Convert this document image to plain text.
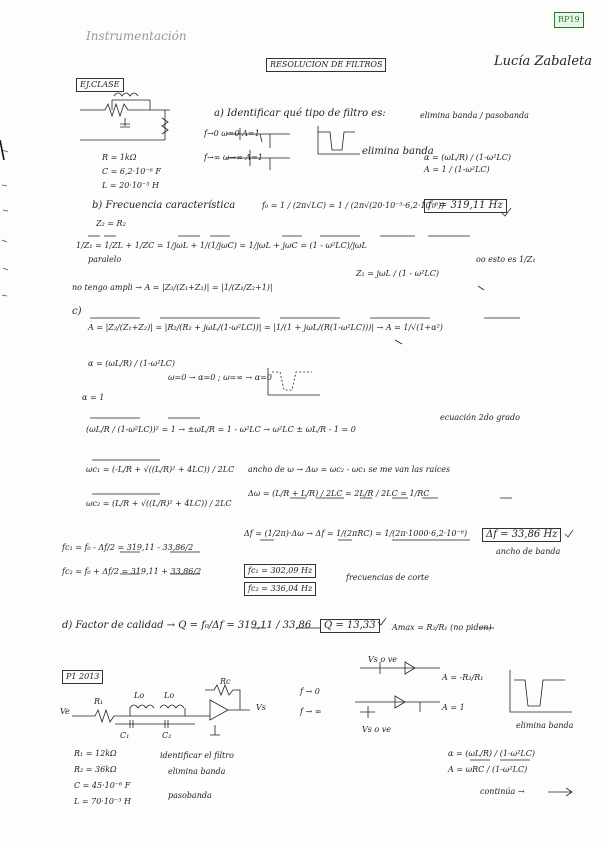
Instrumentación
RP19
RESOLUCION DE FILTROS	Lucía Zabaleta
EJ.CLASE
a) Identificar qué tipo de filtro es:	elimina banda / pasobanda
f→0 ω=0 A=1
f→∞ ω→∞ A=1
elimina banda
α = (ωL/R) / (1-ω²LC)
A = 1 / (1-ω²LC)
R = 1kΩ
C = 6,2·10⁻⁶ F
L = 20·10⁻³ H
b) Frecuencia característica	f₀ = 1 / (2π√LC) = 1 / (2π√(20·10⁻³·6,2·10⁻⁶))
f₀ = 319,11 Hz
Z₂ = R₂
1/Z₁ = 1/ZL + 1/ZC = 1/jωL + 1/(1/jωC) = 1/jωL + jωC = (1 - ω²LC)/jωL
paralelo	oo esto es 1/Z₁
Z₁ = jωL / (1 - ω²LC)
no tengo ampli → A = |Z₂/(Z₁+Z₂)| = |1/(Z₁/Z₂+1)|
c)
A = |Z₂/(Z₁+Z₂)| = |R₂/(R₂ + jωL/(1-ω²LC))| = |1/(1 + jωL/(R(1-ω²LC)))| → A = 1/√(1+α²)
α = (ωL/R) / (1-ω²LC)
ω=0 → α=0 ; ω=∞ → α=0
α = 1
(ωL/R / (1-ω²LC))² = 1 → ±ωL/R = 1 - ω²LC → ω²LC ± ωL/R - 1 = 0
ecuación 2do grado
ωc₁ = (-L/R + √((L/R)² + 4LC)) / 2LC
ωc₂ = (L/R + √((L/R)² + 4LC)) / 2LC
ancho de ω → Δω = ωc₂ - ωc₁ se me van las raíces
Δω = (L/R + L/R) / 2LC = 2L/R / 2LC = 1/RC
Δf = (1/2π)·Δω → Δf = 1/(2πRC) = 1/(2π·1000·6,2·10⁻⁶)	Δf = 33,86 Hz
ancho de banda
fc₁ = f₀ - Δf/2 = 319,11 - 33,86/2
fc₂ = f₀ + Δf/2 = 319,11 + 33,86/2	fc₁ = 302,09 Hz
fc₂ = 336,04 Hz
frecuencias de corte
d) Factor de calidad → Q = f₀/Δf = 319,11 / 33,86	Q = 13,33	Amax = R₂/R₁ (no piden)
P1 2013
Ve
R₁
Lo Lo
Rc
Vs
C₁	C₂
f → 0
f → ∞
A = -R₂/R₁
A = 1
Vs o ve
Vs o ve	elimina banda
R₁ = 12kΩ
R₂ = 36kΩ
C = 45·10⁻⁶ F
L = 70·10⁻³ H
identificar el filtro
elimina banda
pasobanda
α = (ωL/R) / (1-ω²LC)
A = ωRC / (1-ω²LC)
continúa →
